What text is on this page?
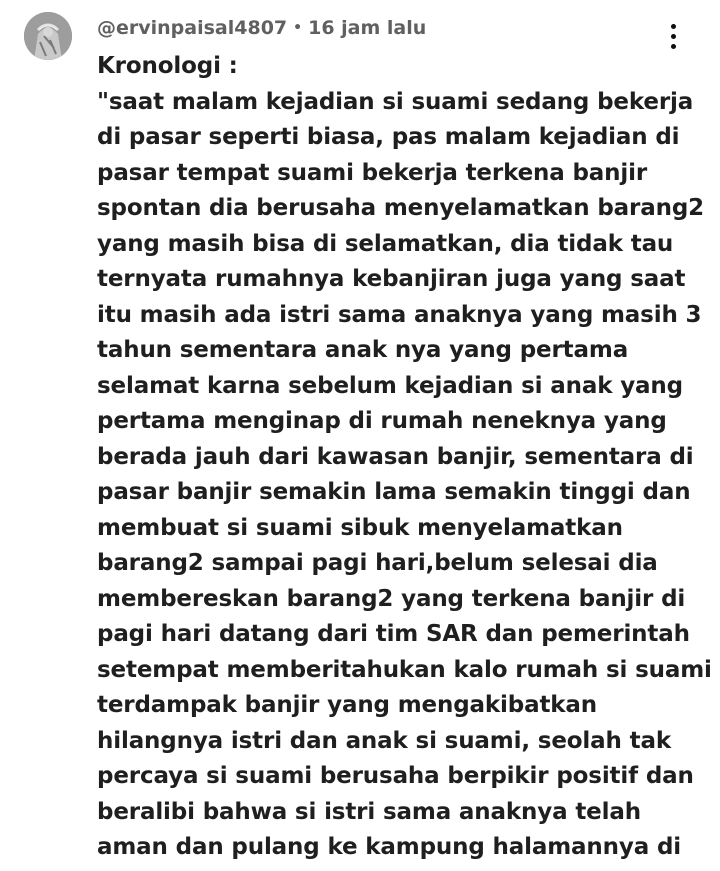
@ervinpaisal4807 • 16 jam lalu
Kronologi :
"saat malam kejadian si suami sedang bekerja
di pasar seperti biasa, pas malam kejadian di
pasar tempat suami bekerja terkena banjir
spontan dia berusaha menyelamatkan barang2
yang masih bisa di selamatkan, dia tidak tau
ternyata rumahnya kebanjiran juga yang saat
itu masih ada istri sama anaknya yang masih 3
tahun sementara anak nya yang pertama
selamat karna sebelum kejadian si anak yang
pertama menginap di rumah neneknya yang
berada jauh dari kawasan banjir, sementara di
pasar banjir semakin lama semakin tinggi dan
membuat si suami sibuk menyelamatkan
barang2 sampai pagi hari,belum selesai dia
membereskan barang2 yang terkena banjir di
pagi hari datang dari tim SAR dan pemerintah
setempat memberitahukan kalo rumah si suami
terdampak banjir yang mengakibatkan
hilangnya istri dan anak si suami, seolah tak
percaya si suami berusaha berpikir positif dan
beralibi bahwa si istri sama anaknya telah
aman dan pulang ke kampung halamannya di
